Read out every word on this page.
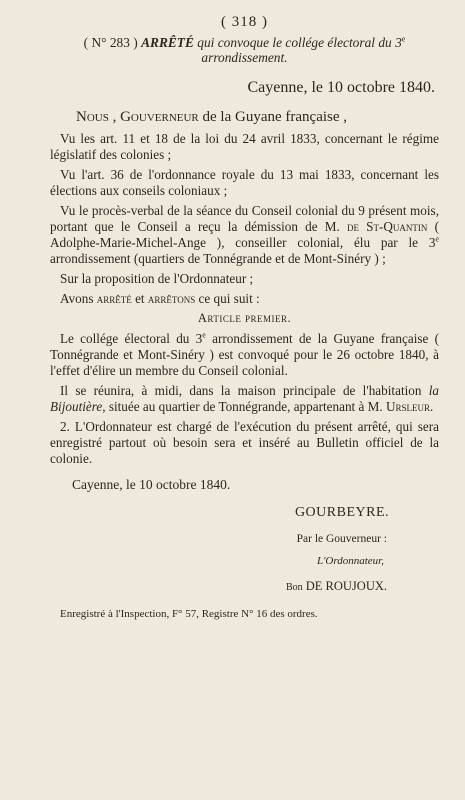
( 318 )
( N° 283 ) ARRÊTÉ qui convoque le collége électoral du 3e
arrondissement.
Cayenne, le 10 octobre 1840.
Nous , Gouverneur de la Guyane française ,

Vu les art. 11 et 18 de la loi du 24 avril 1833, concernant le régime législatif des colonies ;

Vu l'art. 36 de l'ordonnance royale du 13 mai 1833, concernant les élections aux conseils coloniaux ;

Vu le procès-verbal de la séance du Conseil colonial du 9 présent mois, portant que le Conseil a reçu la démission de M. de St-Quantin ( Adolphe-Marie-Michel-Ange ), conseiller colonial, élu par le 3e arrondissement (quartiers de Tonnégrande et de Mont-Sinéry ) ;

Sur la proposition de l'Ordonnateur ;

Avons arrêté et arrêtons ce qui suit :

Article premier.

Le collége électoral du 3e arrondissement de la Guyane française ( Tonnégrande et Mont-Sinéry ) est convoqué pour le 26 octobre 1840, à l'effet d'élire un membre du Conseil colonial.

Il se réunira, à midi, dans la maison principale de l'habitation la Bijoutière, située au quartier de Tonnégrande, appartenant à M. Ursleur.

2. L'Ordonnateur est chargé de l'exécution du présent arrêté, qui sera enregistré partout où besoin sera et inséré au Bulletin officiel de la colonie.

Cayenne, le 10 octobre 1840.
GOURBEYRE.
Par le Gouverneur :
L'Ordonnateur,
Bon DE ROUJOUX.
Enregistré à l'Inspection, F° 57, Registre N° 16 des ordres.
